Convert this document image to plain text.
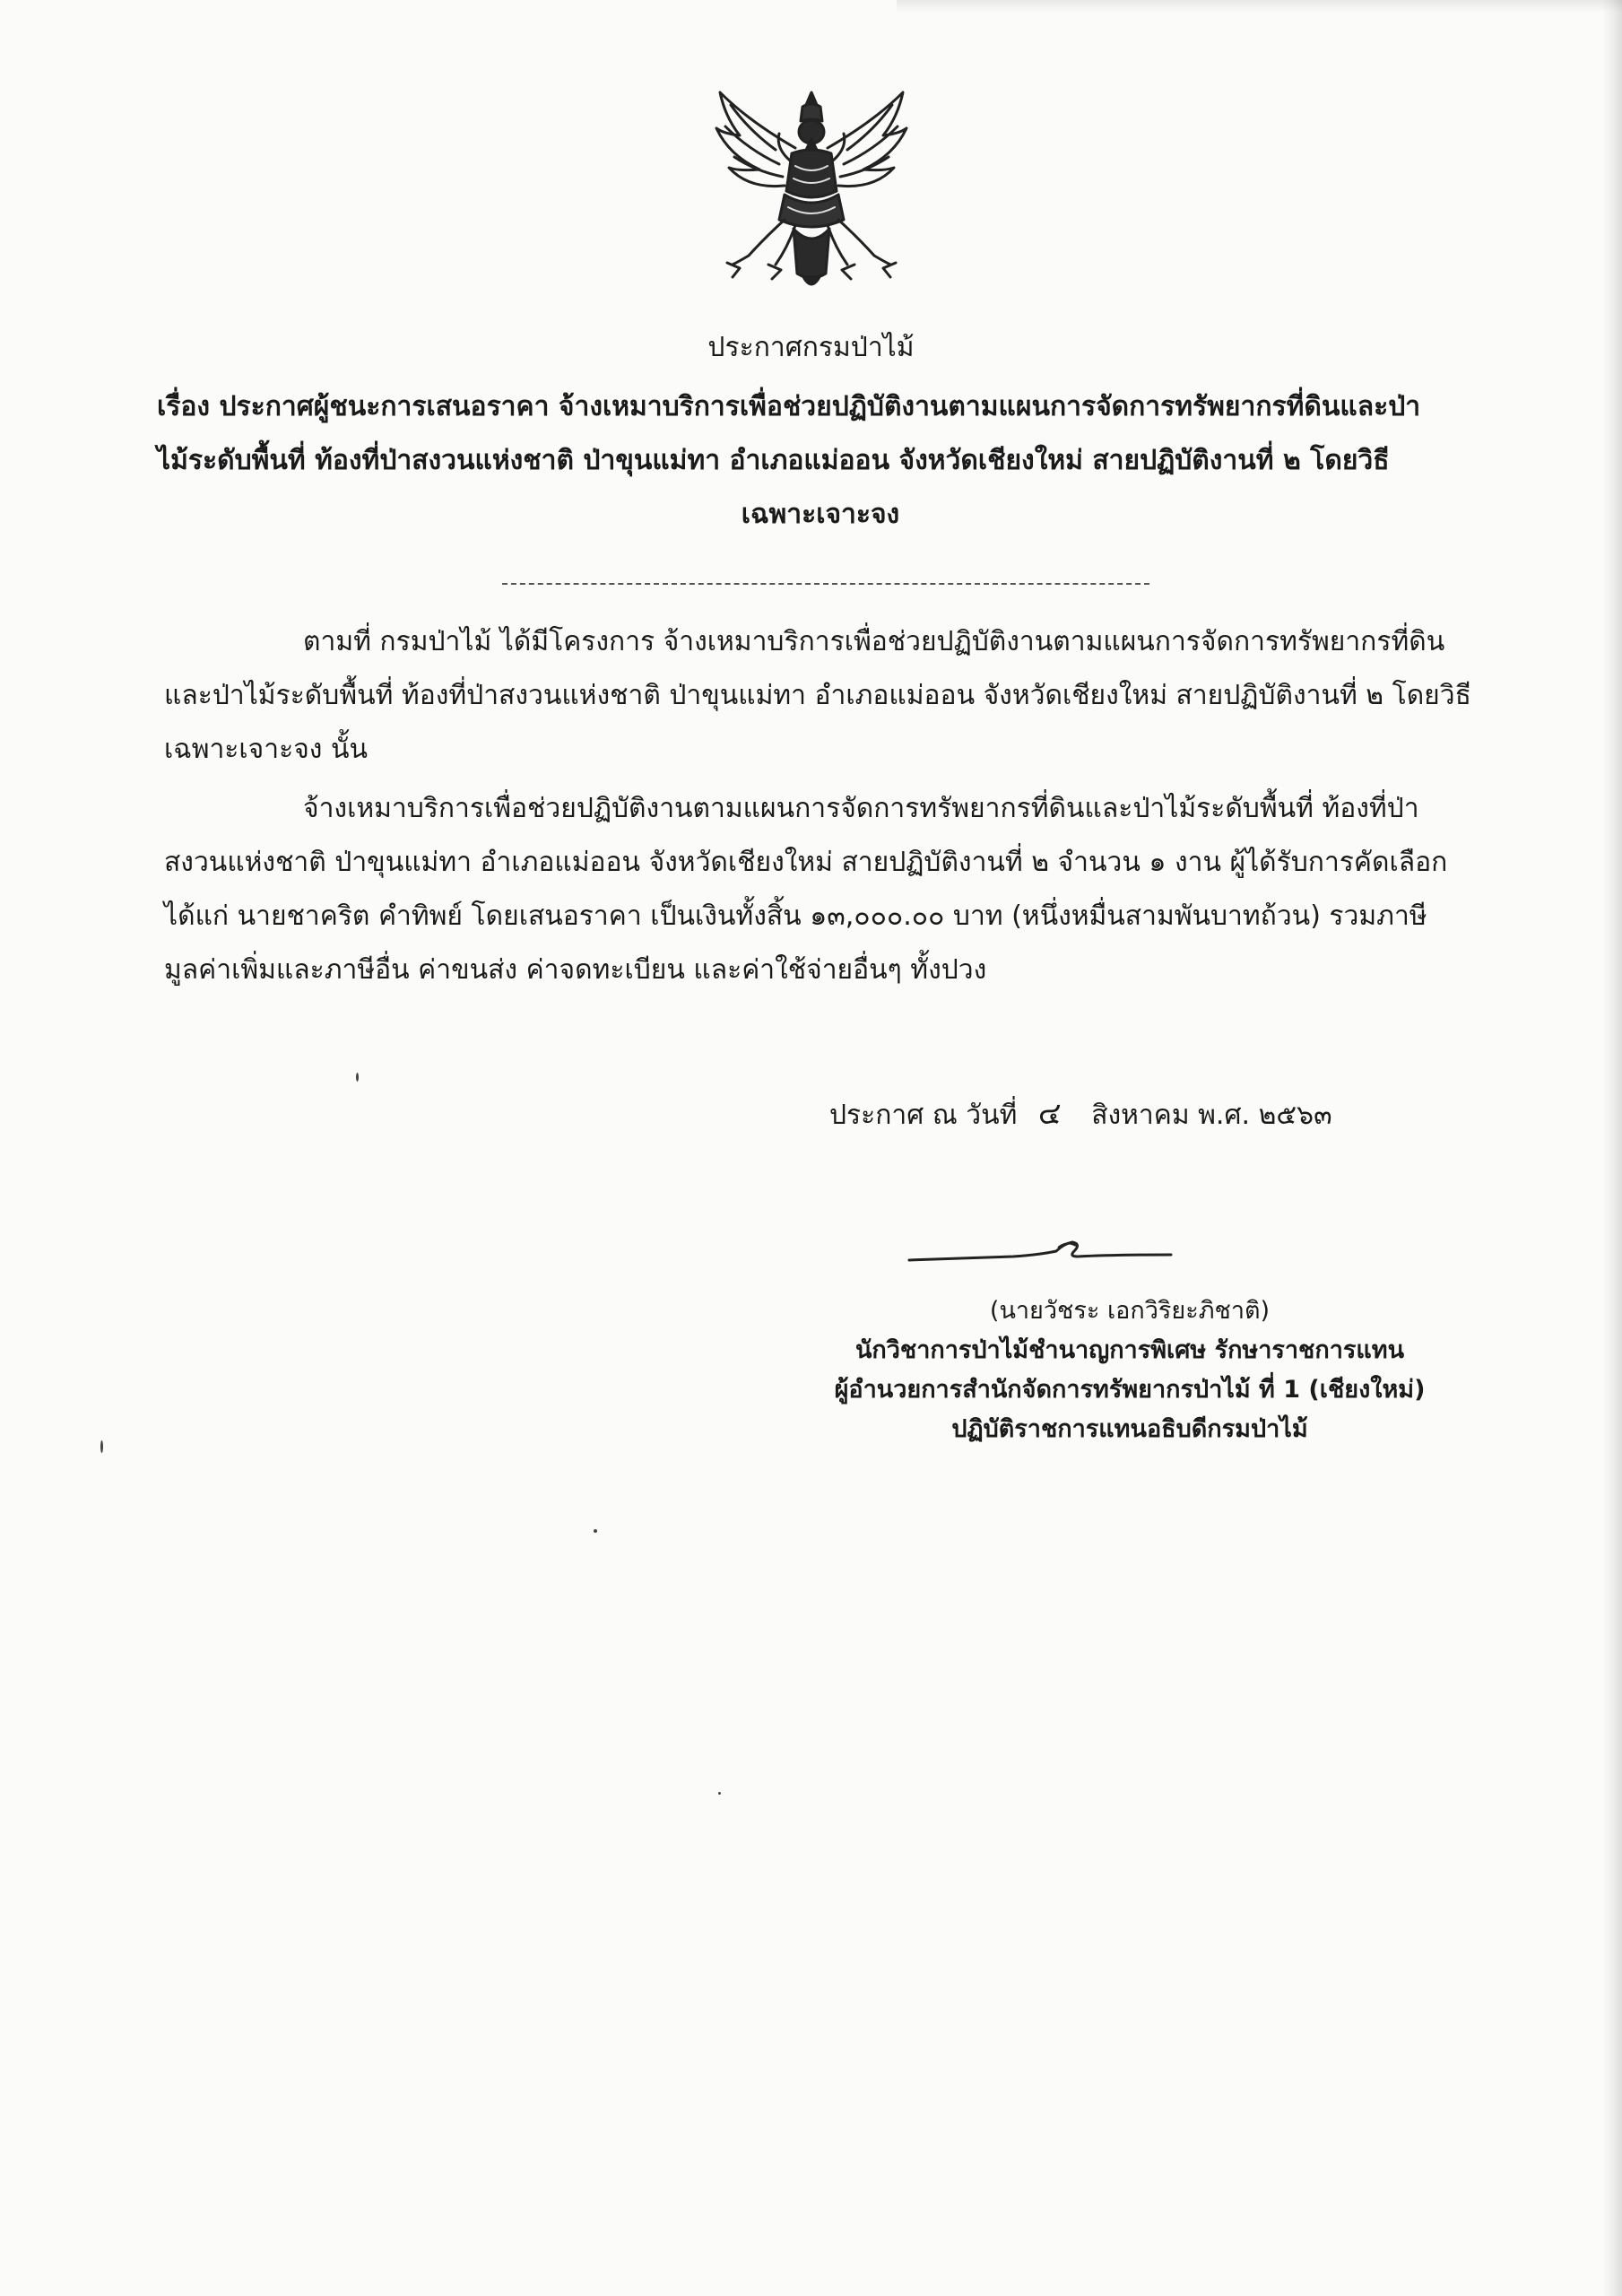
ประกาศกรมป่าไม้
เรื่อง ประกาศผู้ชนะการเสนอราคา จ้างเหมาบริการเพื่อช่วยปฏิบัติงานตามแผนการจัดการทรัพยากรที่ดินและป่า
ไม้ระดับพื้นที่ ท้องที่ป่าสงวนแห่งชาติ ป่าขุนแม่ทา อำเภอแม่ออน จังหวัดเชียงใหม่ สายปฏิบัติงานที่ ๒ โดยวิธี
เฉพาะเจาะจง
ตามที่ กรมป่าไม้ ได้มีโครงการ จ้างเหมาบริการเพื่อช่วยปฏิบัติงานตามแผนการจัดการทรัพยากรที่ดิน
และป่าไม้ระดับพื้นที่ ท้องที่ป่าสงวนแห่งชาติ ป่าขุนแม่ทา อำเภอแม่ออน จังหวัดเชียงใหม่ สายปฏิบัติงานที่ ๒ โดยวิธี
เฉพาะเจาะจง นั้น
จ้างเหมาบริการเพื่อช่วยปฏิบัติงานตามแผนการจัดการทรัพยากรที่ดินและป่าไม้ระดับพื้นที่ ท้องที่ป่า
สงวนแห่งชาติ ป่าขุนแม่ทา อำเภอแม่ออน จังหวัดเชียงใหม่ สายปฏิบัติงานที่ ๒ จำนวน ๑ งาน ผู้ได้รับการคัดเลือก
ได้แก่ นายชาคริต คำทิพย์ โดยเสนอราคา เป็นเงินทั้งสิ้น ๑๓,๐๐๐.๐๐ บาท (หนึ่งหมื่นสามพันบาทถ้วน) รวมภาษี
มูลค่าเพิ่มและภาษีอื่น ค่าขนส่ง ค่าจดทะเบียน และค่าใช้จ่ายอื่นๆ ทั้งปวง
ประกาศ ณ วันที่ ๔ สิงหาคม พ.ศ. ๒๕๖๓
(นายวัชระ เอกวิริยะภิชาติ)
นักวิชาการป่าไม้ชำนาญการพิเศษ รักษาราชการแทน
ผู้อำนวยการสำนักจัดการทรัพยากรป่าไม้ ที่ 1 (เชียงใหม่)
ปฏิบัติราชการแทนอธิบดีกรมป่าไม้
